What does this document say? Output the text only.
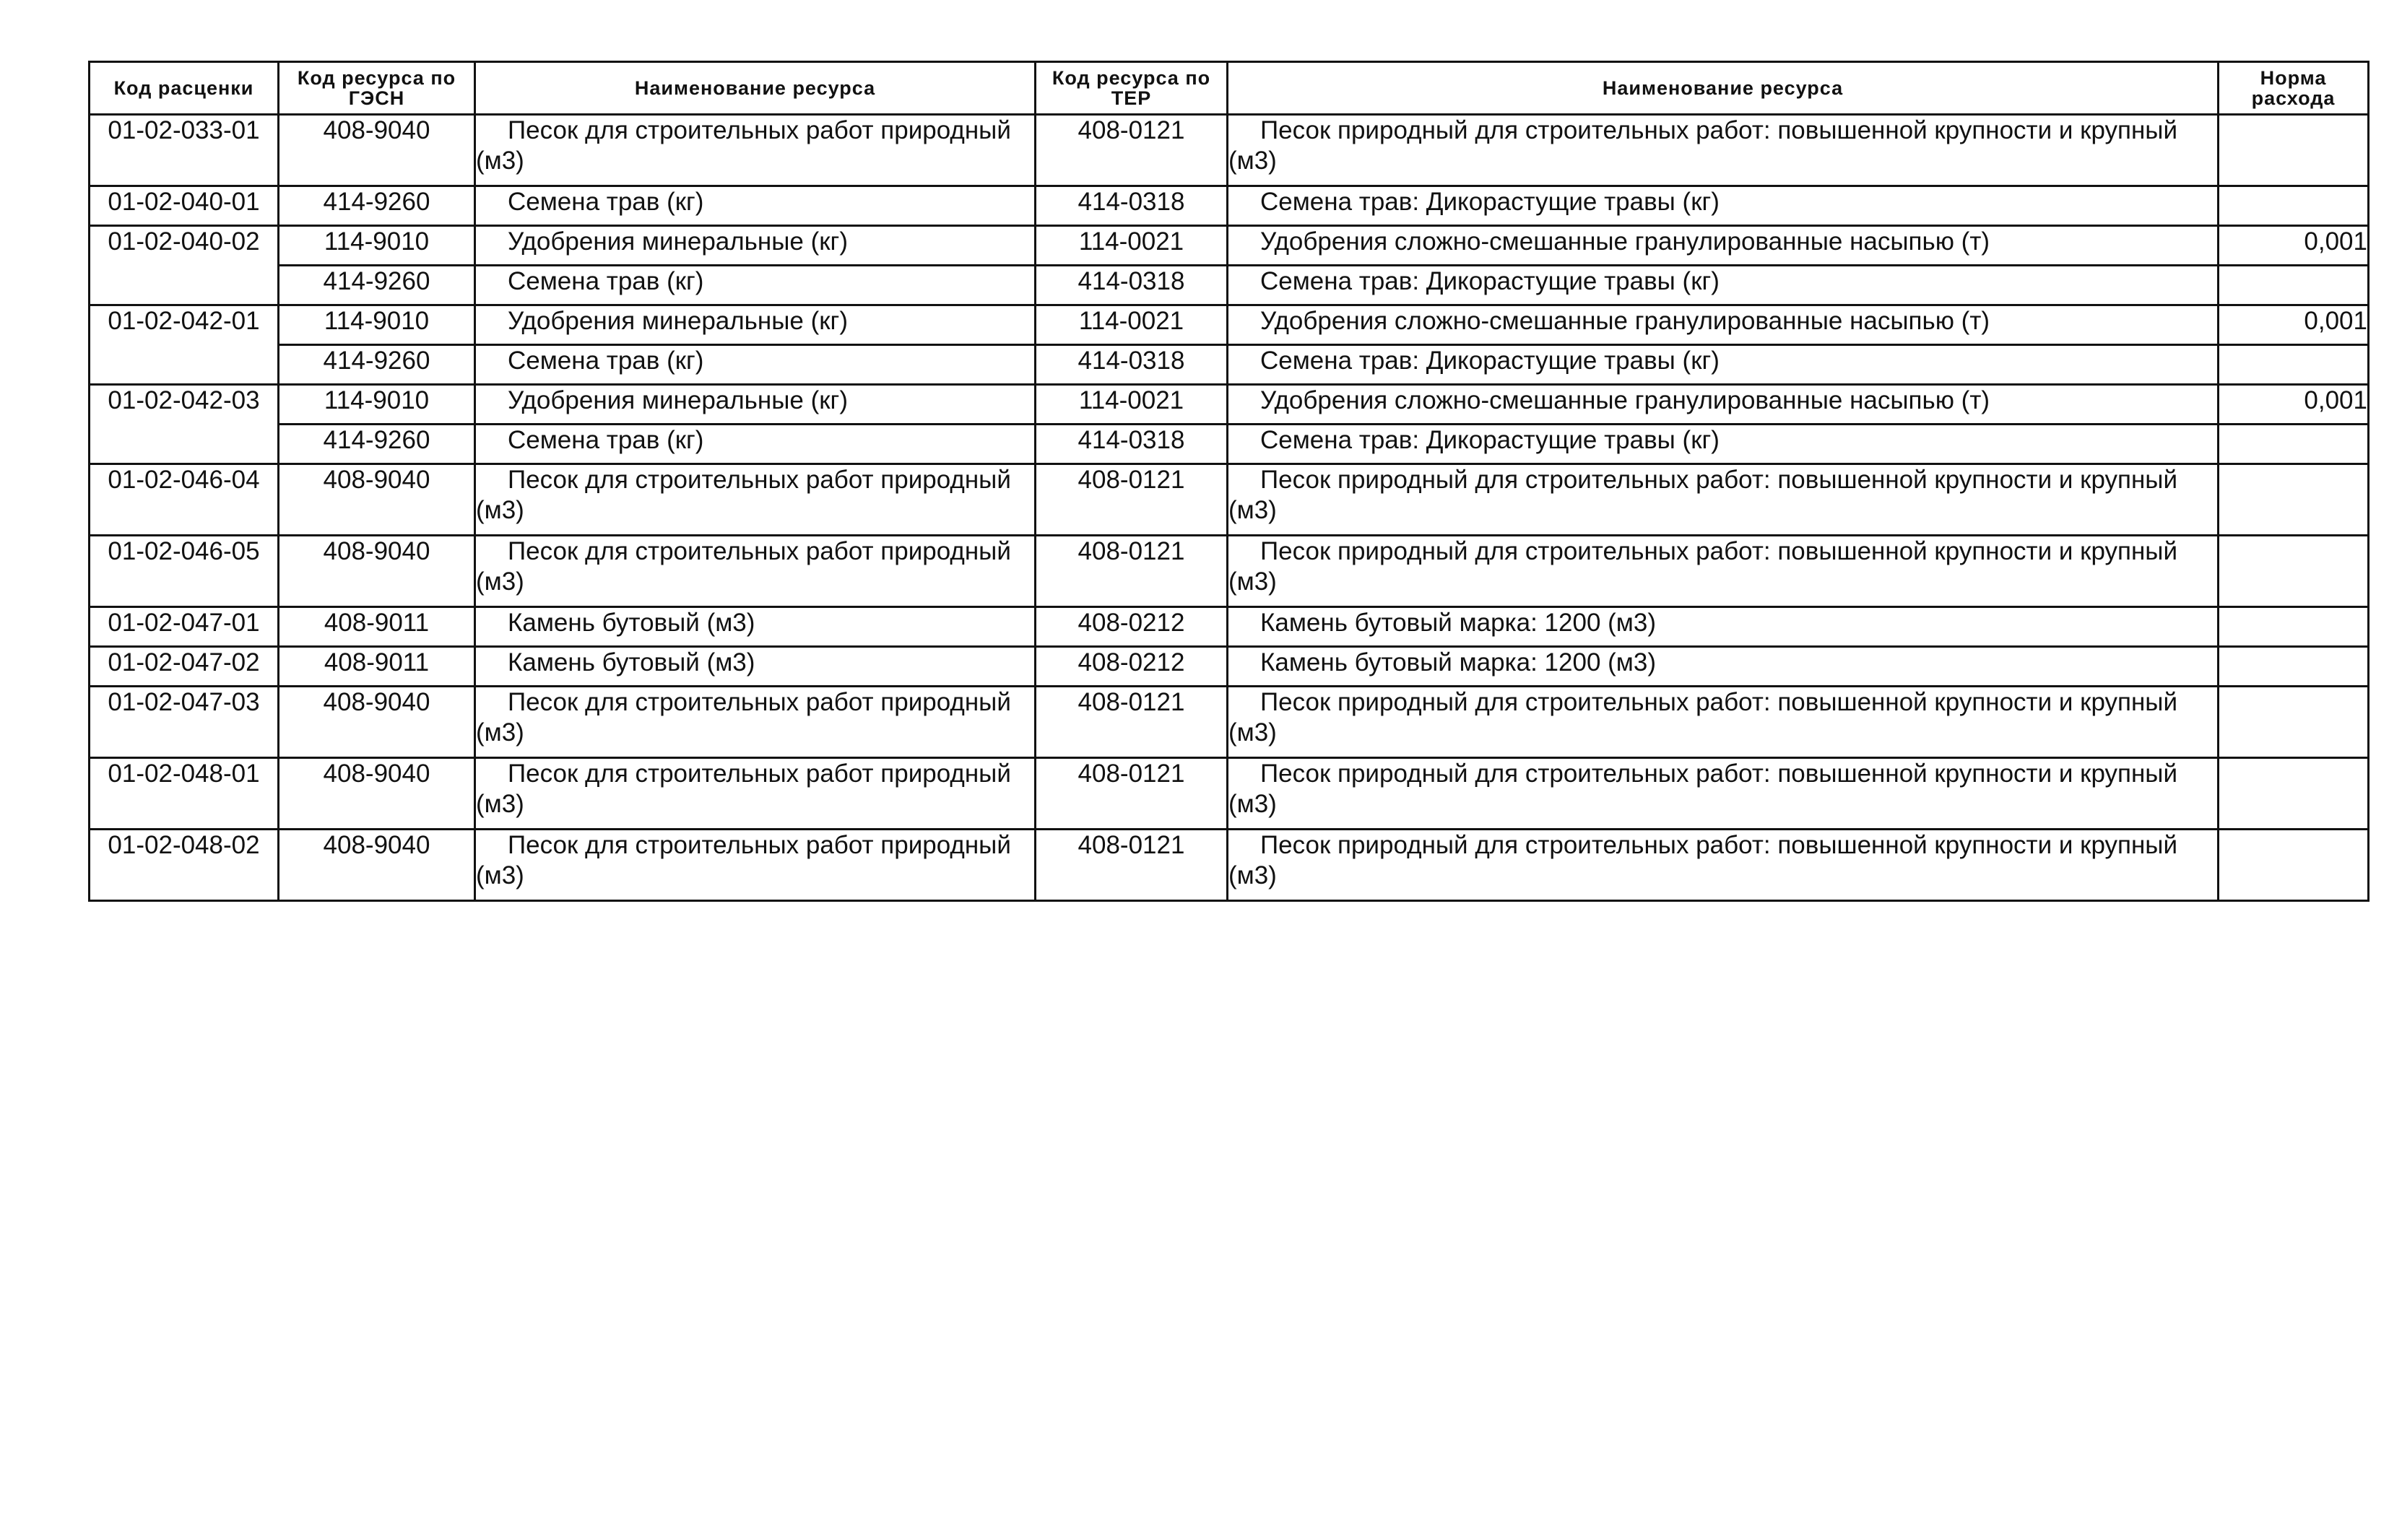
Код расценки	Код ресурса по ГЭСН	Наименование ресурса	Код ресурса по ТЕР	Наименование ресурса	Норма расхода
01-02-033-01	408-9040	Песок для строительных работ природный (м3)	408-0121	Песок природный для строительных работ: повышенной крупности и крупный (м3)	
01-02-040-01	414-9260	Семена трав (кг)	414-0318	Семена трав: Дикорастущие травы (кг)	
01-02-040-02	114-9010	Удобрения минеральные (кг)	114-0021	Удобрения сложно-смешанные гранулированные насыпью (т)	0,001
	414-9260	Семена трав (кг)	414-0318	Семена трав: Дикорастущие травы (кг)	
01-02-042-01	114-9010	Удобрения минеральные (кг)	114-0021	Удобрения сложно-смешанные гранулированные насыпью (т)	0,001
	414-9260	Семена трав (кг)	414-0318	Семена трав: Дикорастущие травы (кг)	
01-02-042-03	114-9010	Удобрения минеральные (кг)	114-0021	Удобрения сложно-смешанные гранулированные насыпью (т)	0,001
	414-9260	Семена трав (кг)	414-0318	Семена трав: Дикорастущие травы (кг)	
01-02-046-04	408-9040	Песок для строительных работ природный (м3)	408-0121	Песок природный для строительных работ: повышенной крупности и крупный (м3)	
01-02-046-05	408-9040	Песок для строительных работ природный (м3)	408-0121	Песок природный для строительных работ: повышенной крупности и крупный (м3)	
01-02-047-01	408-9011	Камень бутовый (м3)	408-0212	Камень бутовый марка: 1200 (м3)	
01-02-047-02	408-9011	Камень бутовый (м3)	408-0212	Камень бутовый марка: 1200 (м3)	
01-02-047-03	408-9040	Песок для строительных работ природный (м3)	408-0121	Песок природный для строительных работ: повышенной крупности и крупный (м3)	
01-02-048-01	408-9040	Песок для строительных работ природный (м3)	408-0121	Песок природный для строительных работ: повышенной крупности и крупный (м3)	
01-02-048-02	408-9040	Песок для строительных работ природный (м3)	408-0121	Песок природный для строительных работ: повышенной крупности и крупный (м3)	
